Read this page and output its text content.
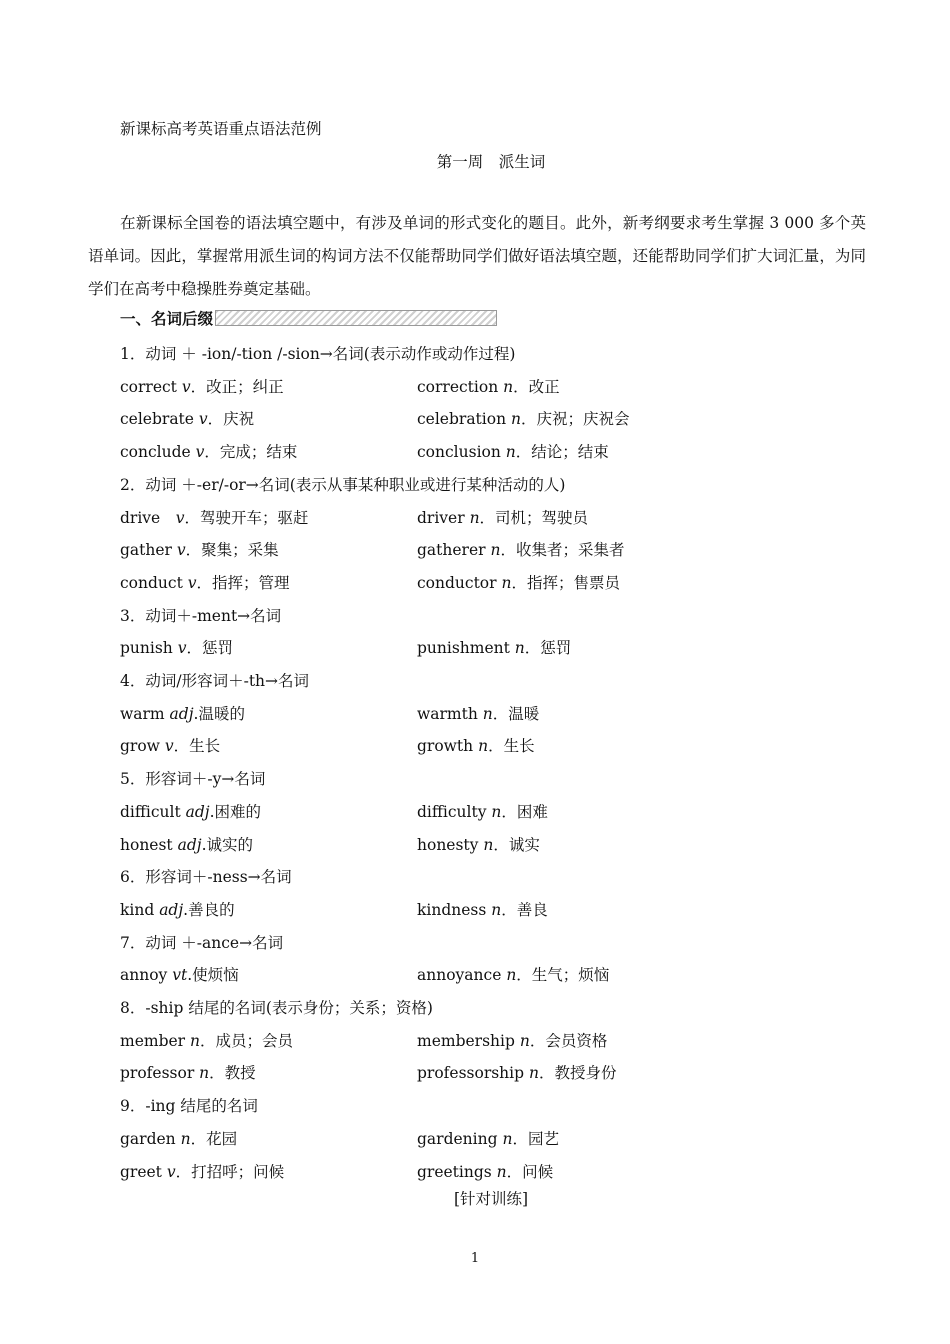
新课标高考英语重点语法范例
第一周　派生词

在新课标全国卷的语法填空题中，有涉及单词的形式变化的题目。此外，新考纲要求考生掌握 3 000 多个英语单词。因此，掌握常用派生词的构词方法不仅能帮助同学们做好语法填空题，还能帮助同学们扩大词汇量，为同学们在高考中稳操胜券奠定基础。

一、名词后缀
1．动词 ＋ -ion/-tion /-sion→名词(表示动作或动作过程)
correct v．改正；纠正	correction n．改正
celebrate v．庆祝	celebration n．庆祝；庆祝会
conclude v．完成；结束	conclusion n．结论；结束
2．动词 ＋-er/-or→名词(表示从事某种职业或进行某种活动的人)
drive　v．驾驶开车；驱赶	driver n．司机；驾驶员
gather v．聚集；采集	gatherer n．收集者；采集者
conduct v．指挥；管理	conductor n．指挥；售票员
3．动词＋-ment→名词
punish v．惩罚	punishment n．惩罚
4．动词/形容词＋-th→名词
warm adj.温暖的	warmth n．温暖
grow v．生长	growth n．生长
5．形容词＋-y→名词
difficult adj.困难的	difficulty n．困难
honest adj.诚实的	honesty n．诚实
6．形容词＋-ness→名词
kind adj.善良的	kindness n．善良
7．动词 ＋-ance→名词
annoy vt.使烦恼	annoyance n．生气；烦恼
8．-ship 结尾的名词(表示身份；关系；资格)
member n．成员；会员	membership n．会员资格
professor n．教授	professorship n．教授身份
9．-ing 结尾的名词
garden n．花园	gardening n．园艺
greet v．打招呼；问候	greetings n．问候
[针对训练]
1
